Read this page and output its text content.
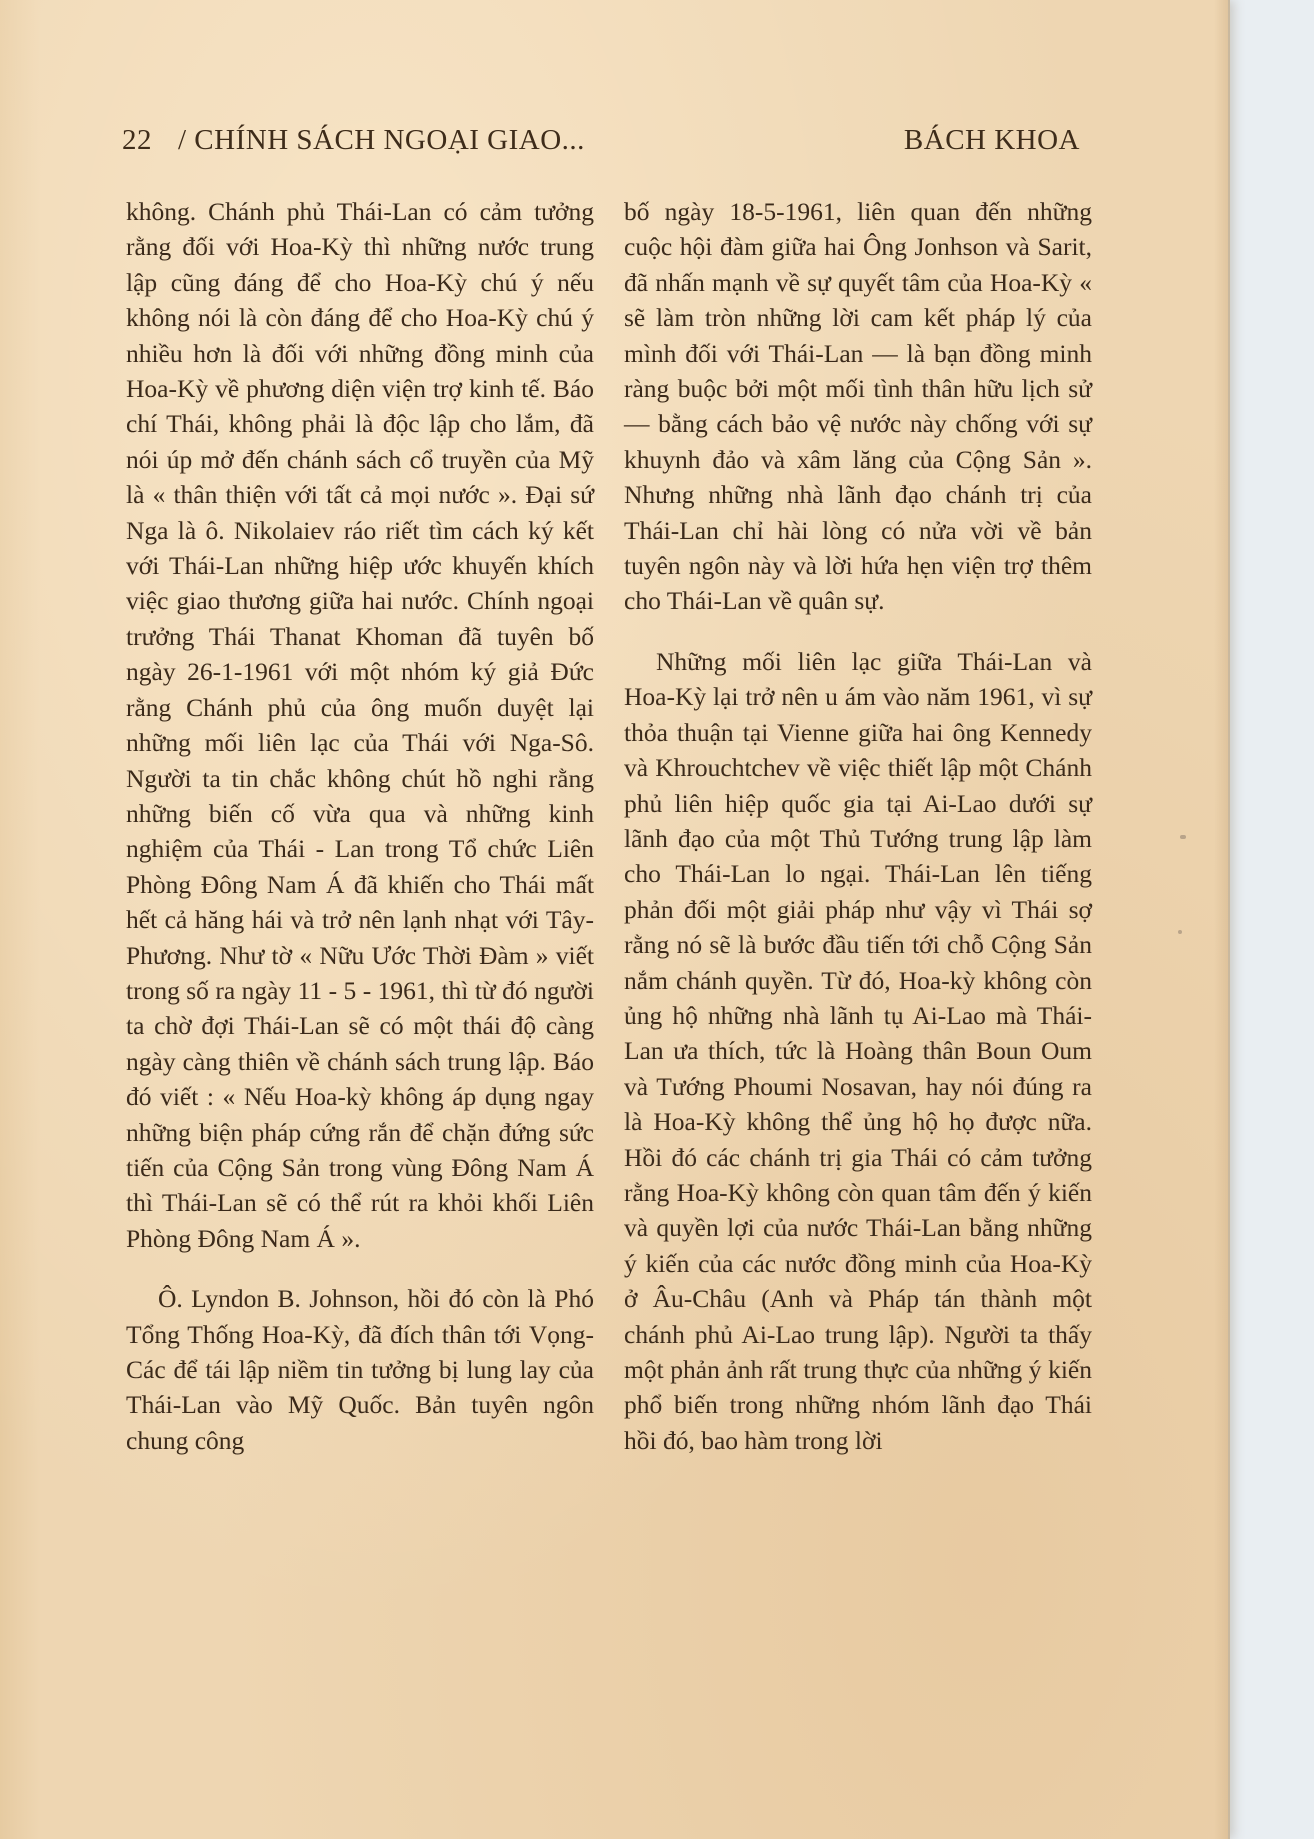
22 / CHÍNH SÁCH NGOẠI GIAO...	BÁCH KHOA

không. Chánh phủ Thái-Lan có cảm tưởng rằng đối với Hoa-Kỳ thì những nước trung lập cũng đáng để cho Hoa-Kỳ chú ý nếu không nói là còn đáng để cho Hoa-Kỳ chú ý nhiều hơn là đối với những đồng minh của Hoa-Kỳ về phương diện viện trợ kinh tế. Báo chí Thái, không phải là độc lập cho lắm, đã nói úp mở đến chánh sách cổ truyền của Mỹ là « thân thiện với tất cả mọi nước ». Đại sứ Nga là ô. Nikolaiev ráo riết tìm cách ký kết với Thái-Lan những hiệp ước khuyến khích việc giao thương giữa hai nước. Chính ngoại trưởng Thái Thanat Khoman đã tuyên bố ngày 26-1-1961 với một nhóm ký giả Đức rằng Chánh phủ của ông muốn duyệt lại những mối liên lạc của Thái với Nga-Sô. Người ta tin chắc không chút hồ nghi rằng những biến cố vừa qua và những kinh nghiệm của Thái - Lan trong Tổ chức Liên Phòng Đông Nam Á đã khiến cho Thái mất hết cả hăng hái và trở nên lạnh nhạt với Tây-Phương. Như tờ « Nữu Ước Thời Đàm » viết trong số ra ngày 11 - 5 - 1961, thì từ đó người ta chờ đợi Thái-Lan sẽ có một thái độ càng ngày càng thiên về chánh sách trung lập. Báo đó viết : « Nếu Hoa-kỳ không áp dụng ngay những biện pháp cứng rắn để chặn đứng sức tiến của Cộng Sản trong vùng Đông Nam Á thì Thái-Lan sẽ có thể rút ra khỏi khối Liên Phòng Đông Nam Á ».

Ô. Lyndon B. Johnson, hồi đó còn là Phó Tổng Thống Hoa-Kỳ, đã đích thân tới Vọng-Các để tái lập niềm tin tưởng bị lung lay của Thái-Lan vào Mỹ Quốc. Bản tuyên ngôn chung công

bố ngày 18-5-1961, liên quan đến những cuộc hội đàm giữa hai Ông Jonhson và Sarit, đã nhấn mạnh về sự quyết tâm của Hoa-Kỳ « sẽ làm tròn những lời cam kết pháp lý của mình đối với Thái-Lan — là bạn đồng minh ràng buộc bởi một mối tình thân hữu lịch sử — bằng cách bảo vệ nước này chống với sự khuynh đảo và xâm lăng của Cộng Sản ». Nhưng những nhà lãnh đạo chánh trị của Thái-Lan chỉ hài lòng có nửa vời về bản tuyên ngôn này và lời hứa hẹn viện trợ thêm cho Thái-Lan về quân sự.

Những mối liên lạc giữa Thái-Lan và Hoa-Kỳ lại trở nên u ám vào năm 1961, vì sự thỏa thuận tại Vienne giữa hai ông Kennedy và Khrouchtchev về việc thiết lập một Chánh phủ liên hiệp quốc gia tại Ai-Lao dưới sự lãnh đạo của một Thủ Tướng trung lập làm cho Thái-Lan lo ngại. Thái-Lan lên tiếng phản đối một giải pháp như vậy vì Thái sợ rằng nó sẽ là bước đầu tiến tới chỗ Cộng Sản nắm chánh quyền. Từ đó, Hoa-kỳ không còn ủng hộ những nhà lãnh tụ Ai-Lao mà Thái-Lan ưa thích, tức là Hoàng thân Boun Oum và Tướng Phoumi Nosavan, hay nói đúng ra là Hoa-Kỳ không thể ủng hộ họ được nữa. Hồi đó các chánh trị gia Thái có cảm tưởng rằng Hoa-Kỳ không còn quan tâm đến ý kiến và quyền lợi của nước Thái-Lan bằng những ý kiến của các nước đồng minh của Hoa-Kỳ ở Âu-Châu (Anh và Pháp tán thành một chánh phủ Ai-Lao trung lập). Người ta thấy một phản ảnh rất trung thực của những ý kiến phổ biến trong những nhóm lãnh đạo Thái hồi đó, bao hàm trong lời
